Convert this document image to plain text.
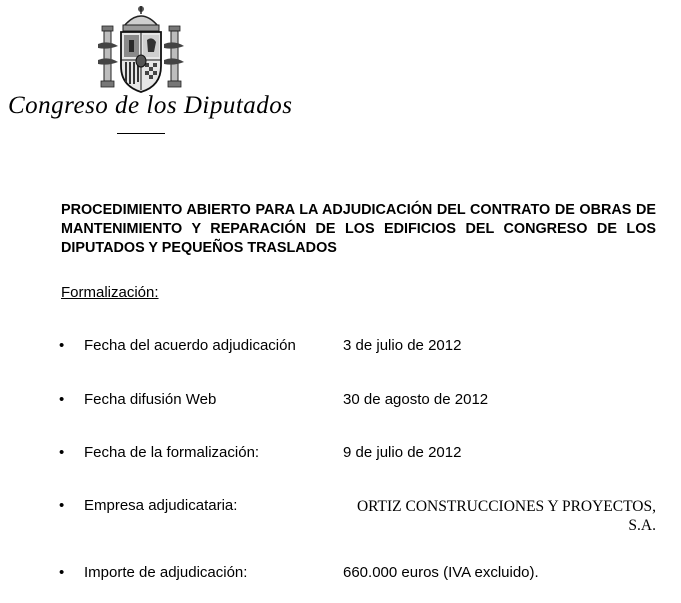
Congreso de los Diputados
PROCEDIMIENTO ABIERTO PARA LA ADJUDICACIÓN DEL CONTRATO DE OBRAS DE MANTENIMIENTO Y REPARACIÓN DE LOS EDIFICIOS DEL CONGRESO DE LOS DIPUTADOS Y PEQUEÑOS TRASLADOS
Formalización:
• Fecha del acuerdo adjudicación	3 de julio de 2012
• Fecha difusión Web	30 de agosto de 2012
• Fecha de la formalización:	9 de julio de 2012
• Empresa adjudicataria:	ORTIZ CONSTRUCCIONES Y PROYECTOS, S.A.
• Importe de adjudicación:	660.000 euros (IVA excluido).
